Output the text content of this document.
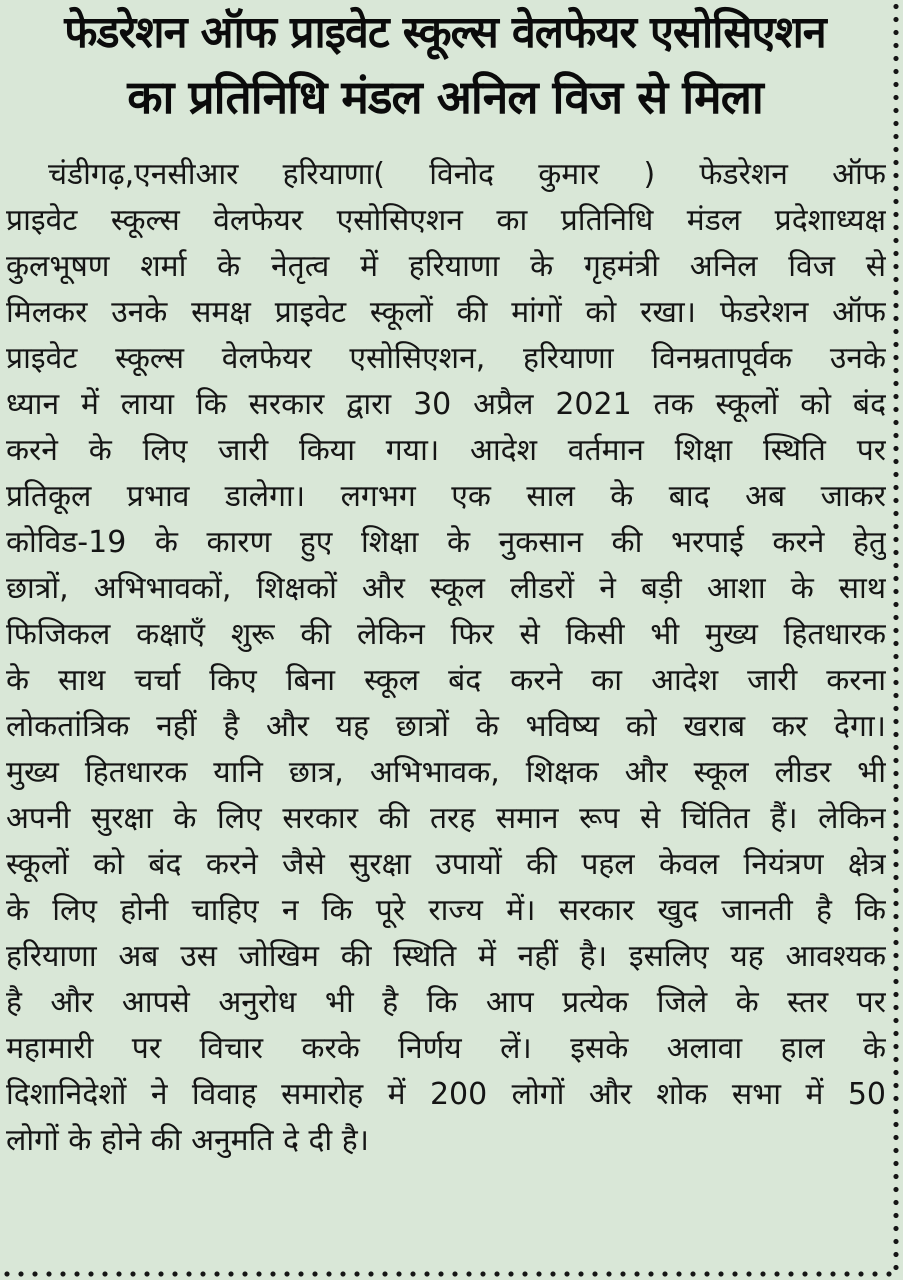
फेडरेशन ऑफ प्राइवेट स्कूल्स वेलफेयर एसोसिएशन
का प्रतिनिधि मंडल अनिल विज से मिला
चंडीगढ़,एनसीआर हरियाणा( विनोद कुमार ) फेडरेशन ऑफ
प्राइवेट स्कूल्स वेलफेयर एसोसिएशन का प्रतिनिधि मंडल प्रदेशाध्यक्ष
कुलभूषण शर्मा के नेतृत्व में हरियाणा के गृहमंत्री अनिल विज से
मिलकर उनके समक्ष प्राइवेट स्कूलों की मांगों को रखा। फेडरेशन ऑफ
प्राइवेट स्कूल्स वेलफेयर एसोसिएशन, हरियाणा विनम्रतापूर्वक उनके
ध्यान में लाया कि सरकार द्वारा 30 अप्रैल 2021 तक स्कूलों को बंद
करने के लिए जारी किया गया। आदेश वर्तमान शिक्षा स्थिति पर
प्रतिकूल प्रभाव डालेगा। लगभग एक साल के बाद अब जाकर
कोविड-19 के कारण हुए शिक्षा के नुकसान की भरपाई करने हेतु
छात्रों, अभिभावकों, शिक्षकों और स्कूल लीडरों ने बड़ी आशा के साथ
फिजिकल कक्षाएँ शुरू की लेकिन फिर से किसी भी मुख्य हितधारक
के साथ चर्चा किए बिना स्कूल बंद करने का आदेश जारी करना
लोकतांत्रिक नहीं है और यह छात्रों के भविष्य को खराब कर देगा।
मुख्य हितधारक यानि छात्र, अभिभावक, शिक्षक और स्कूल लीडर भी
अपनी सुरक्षा के लिए सरकार की तरह समान रूप से चिंतित हैं। लेकिन
स्कूलों को बंद करने जैसे सुरक्षा उपायों की पहल केवल नियंत्रण क्षेत्र
के लिए होनी चाहिए न कि पूरे राज्य में। सरकार खुद जानती है कि
हरियाणा अब उस जोखिम की स्थिति में नहीं है। इसलिए यह आवश्यक
है और आपसे अनुरोध भी है कि आप प्रत्येक जिले के स्तर पर
महामारी पर विचार करके निर्णय लें। इसके अलावा हाल के
दिशानिदेशों ने विवाह समारोह में 200 लोगों और शोक सभा में 50
लोगों के होने की अनुमति दे दी है।
